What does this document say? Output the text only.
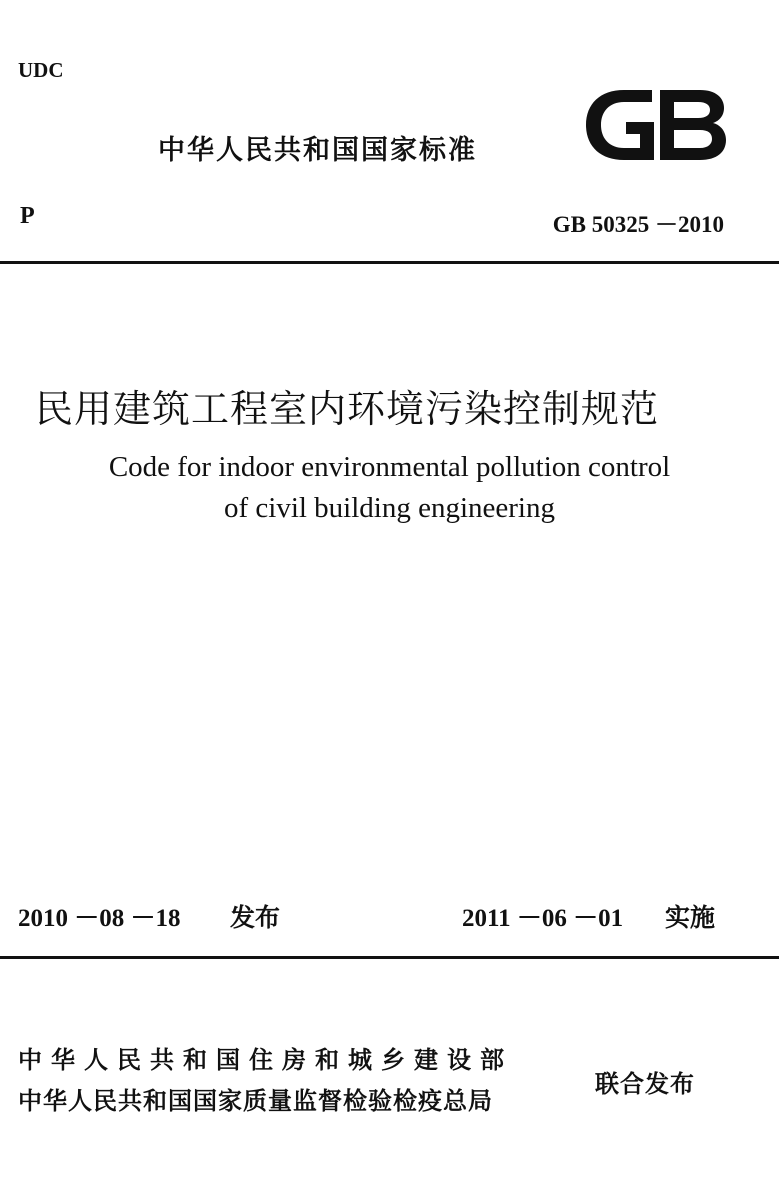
UDC
中华人民共和国国家标准
P	GB 50325 －2010
民用建筑工程室内环境污染控制规范
Code for indoor environmental pollution control
of civil building engineering
2010 －08 －18 发布	2011 －06 －01 实施
中华人民共和国住房和城乡建设部
中华人民共和国国家质量监督检验检疫总局
联合发布
